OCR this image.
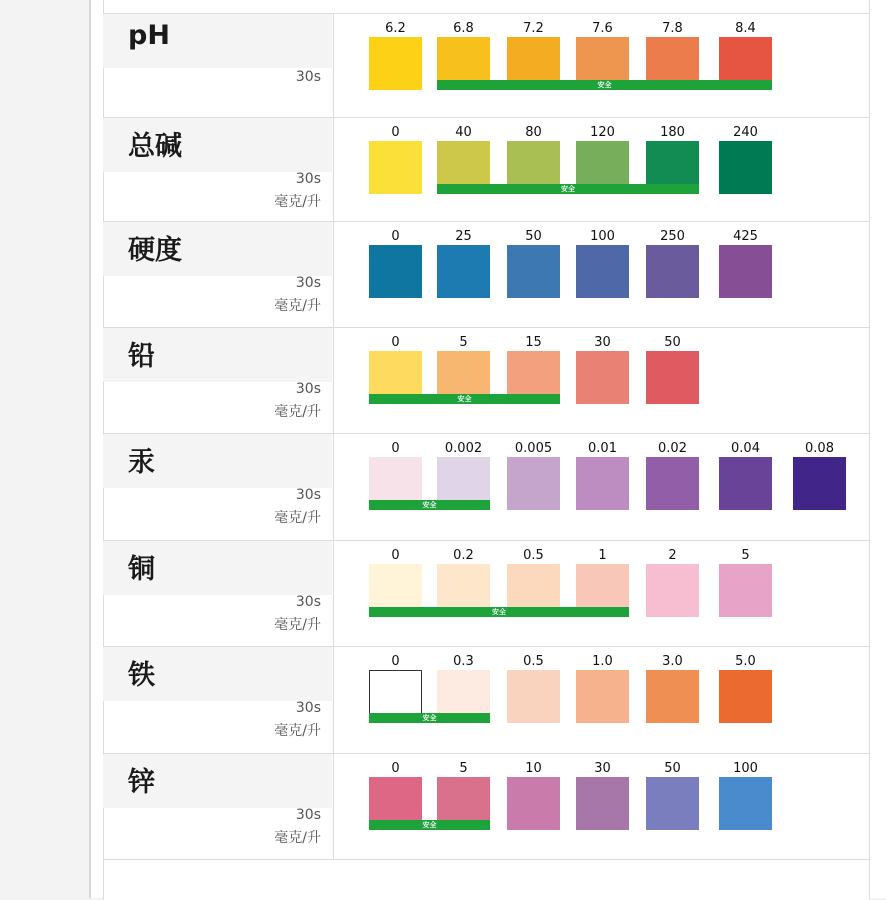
pH
30s
6.2	6.8	7.2	7.6	7.8	8.4
安全
总碱
30s
毫克/升
0	40	80	120	180	240
安全
硬度
30s
毫克/升
0	25	50	100	250	425
铅
30s
毫克/升
0	5	15	30	50
安全
汞
30s
毫克/升
0	0.002	0.005	0.01	0.02	0.04	0.08
安全
铜
30s
毫克/升
0	0.2	0.5	1	2	5
安全
铁
30s
毫克/升
0	0.3	0.5	1.0	3.0	5.0
安全
锌
30s
毫克/升
0	5	10	30	50	100
安全
